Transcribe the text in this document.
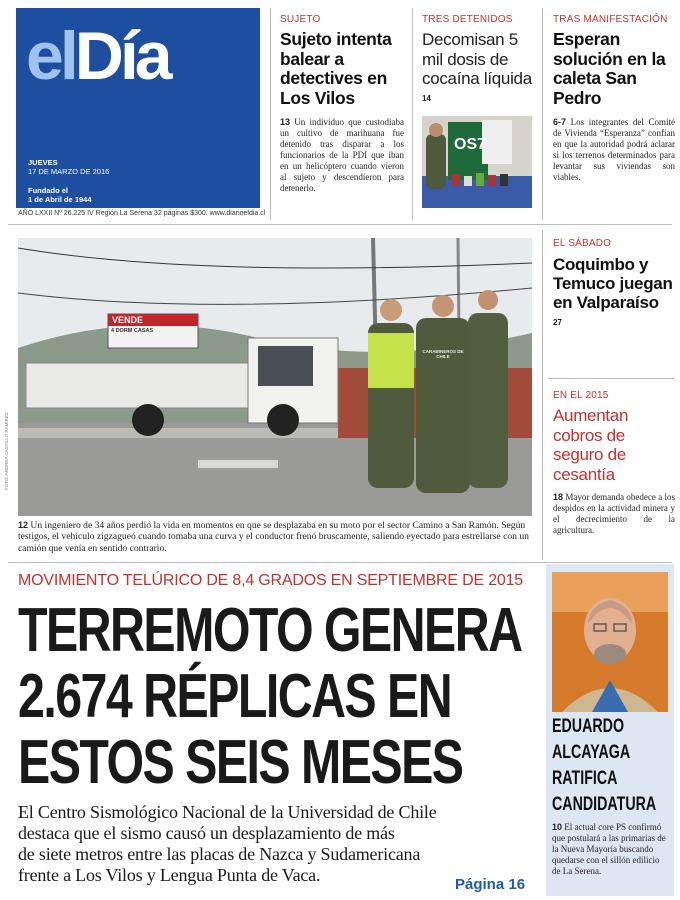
elDía
JUEVES
17 DE MARZO DE 2016
Fundado el
1 de Abril de 1944
AÑO LXXII Nº 26.225 IV Región La Serena 32 páginas $300. www.diarioeldia.cl
SUJETO
Sujeto intenta balear a detectives en Los Vilos
13 Un individuo que custodiaba un cultivo de marihuana fue detenido tras disparar a los funcionarios de la PDI que iban en un helicóptero cuando vieron al sujeto y descendieron para detenerlo.
TRES DETENIDOS
Decomisan 5 mil dosis de cocaína líquida
14
OS7
TRAS MANIFESTACIÓN
Esperan solución en la caleta San Pedro
6-7 Los integrantes del Comité de Vivienda “Esperanza” confían en que la autoridad podrá aclarar si los terrenos determinados para levantar sus viviendas son viables.
VENDE
4 DORM CASAS
CARABINEROS DE CHILE
FOTO: ANDREA CASTILLO RAMÍREZ
12 Un ingeniero de 34 años perdió la vida en momentos en que se desplazaba en su moto por el sector Camino a San Ramón. Según testigos, el vehículo zigzagueó cuando tomaba una curva y el conductor frenó bruscamente, saliendo eyectado para estrellarse con un camión que venía en sentido contrario.
EL SÁBADO
Coquimbo y Temuco juegan en Valparaíso
27
EN EL 2015
Aumentan cobros de seguro de cesantía
18 Mayor demanda obedece a los despidos en la actividad minera y el decrecimiento de la agricultura.
MOVIMIENTO TELÚRICO DE 8,4 GRADOS EN SEPTIEMBRE DE 2015
TERREMOTO GENERA
2.674 RÉPLICAS EN
ESTOS SEIS MESES
El Centro Sismológico Nacional de la Universidad de Chile
destaca que el sismo causó un desplazamiento de más
de siete metros entre las placas de Nazca y Sudamericana
frente a Los Vilos y Lengua Punta de Vaca.	Página 16
EDUARDO
ALCAYAGA
RATIFICA
CANDIDATURA
10 El actual core PS confirmó que postulará a las primarias de la Nueva Mayoría buscando quedarse con el sillón edilicio de La Serena.
